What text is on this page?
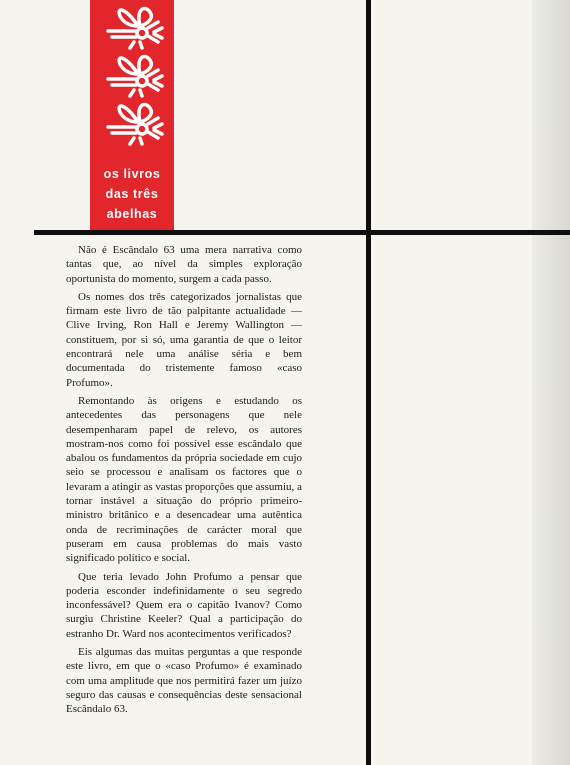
os livros
das três
abelhas

Não é Escândalo 63 uma mera narrativa como tantas que, ao nível da simples exploração oportunista do momento, surgem a cada passo.

Os nomes dos três categorizados jornalistas que firmam este livro de tão palpitante actualidade — Clive Irving, Ron Hall e Jeremy Wallington — constituem, por si só, uma garantia de que o leitor encontrará nele uma análise séria e bem documentada do tristemente famoso «caso Profumo».

Remontando às origens e estudando os antecedentes das personagens que nele desempenharam papel de relevo, os autores mostram-nos como foi possível esse escândalo que abalou os fundamentos da própria sociedade em cujo seio se processou e analisam os factores que o levaram a atingir as vastas proporções que assumiu, a tornar instável a situação do próprio primeiro-ministro britânico e a desencadear uma autêntica onda de recriminações de carácter moral que puseram em causa problemas do mais vasto significado político e social.

Que teria levado John Profumo a pensar que poderia esconder indefinidamente o seu segredo inconfessável? Quem era o capitão Ivanov? Como surgiu Christine Keeler? Qual a participação do estranho Dr. Ward nos acontecimentos verificados?

Eis algumas das muitas perguntas a que responde este livro, em que o «caso Profumo» é examinado com uma amplitude que nos permitirá fazer um juízo seguro das causas e consequências deste sensacional Escândalo 63.
